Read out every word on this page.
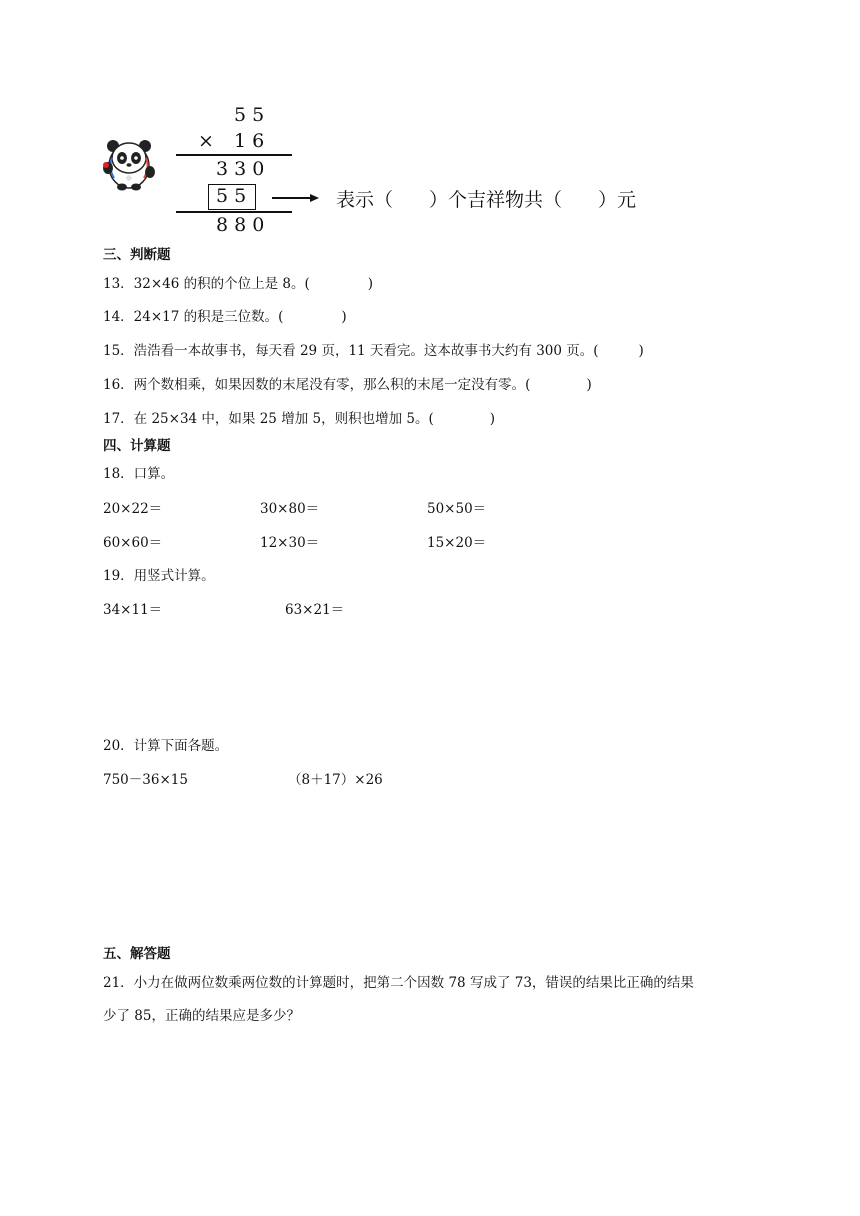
Ⓞ
5 5
× 1 6
3 3 0
5 5	表示（ ）个吉祥物共（ ）元
8 8 0
三、判断题
13．32×46 的积的个位上是 8。(	)
14．24×17 的积是三位数。(	)
15．浩浩看一本故事书，每天看 29 页，11 天看完。这本故事书大约有 300 页。(	)
16．两个数相乘，如果因数的末尾没有零，那么积的末尾一定没有零。(	)
17．在 25×34 中，如果 25 增加 5，则积也增加 5。(	)
四、计算题
18．口算。
20×22＝	30×80＝	50×50＝
60×60＝	12×30＝	15×20＝
19．用竖式计算。
34×11＝	63×21＝
20．计算下面各题。
750－36×15	（8＋17）×26
五、解答题
21．小力在做两位数乘两位数的计算题时，把第二个因数 78 写成了 73，错误的结果比正确的结果
少了 85，正确的结果应是多少？
